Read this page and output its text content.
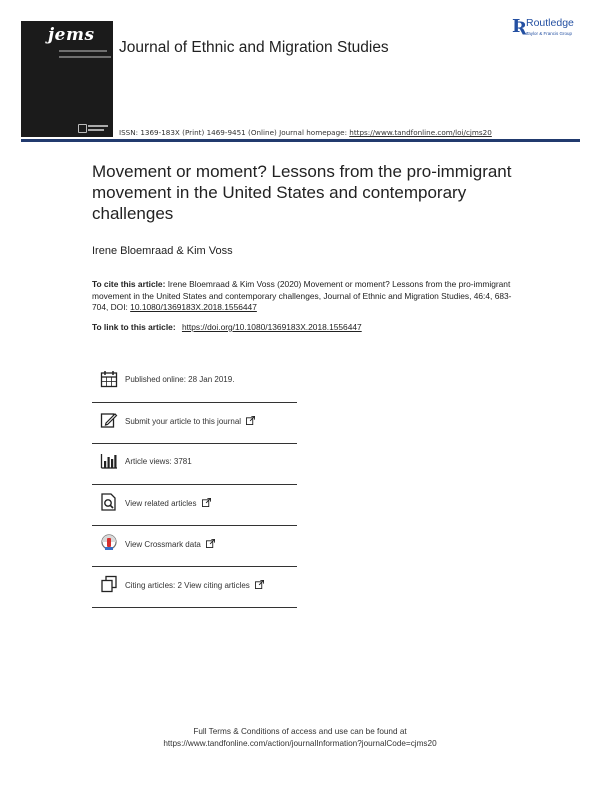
jems
Journal of Ethnic and Migration Studies
Ʀ Routledge
Taylor & Francis Group
ISSN: 1369-183X (Print) 1469-9451 (Online) Journal homepage: https://www.tandfonline.com/loi/cjms20
Movement or moment? Lessons from the pro-immigrant movement in the United States and contemporary challenges
Irene Bloemraad & Kim Voss
To cite this article: Irene Bloemraad & Kim Voss (2020) Movement or moment? Lessons from the pro-immigrant movement in the United States and contemporary challenges, Journal of Ethnic and Migration Studies, 46:4, 683-704, DOI: 10.1080/1369183X.2018.1556447
To link to this article: https://doi.org/10.1080/1369183X.2018.1556447
Published online: 28 Jan 2019.
Submit your article to this journal
Article views: 3781
View related articles
View Crossmark data
Citing articles: 2 View citing articles
Full Terms & Conditions of access and use can be found at
https://www.tandfonline.com/action/journalInformation?journalCode=cjms20
